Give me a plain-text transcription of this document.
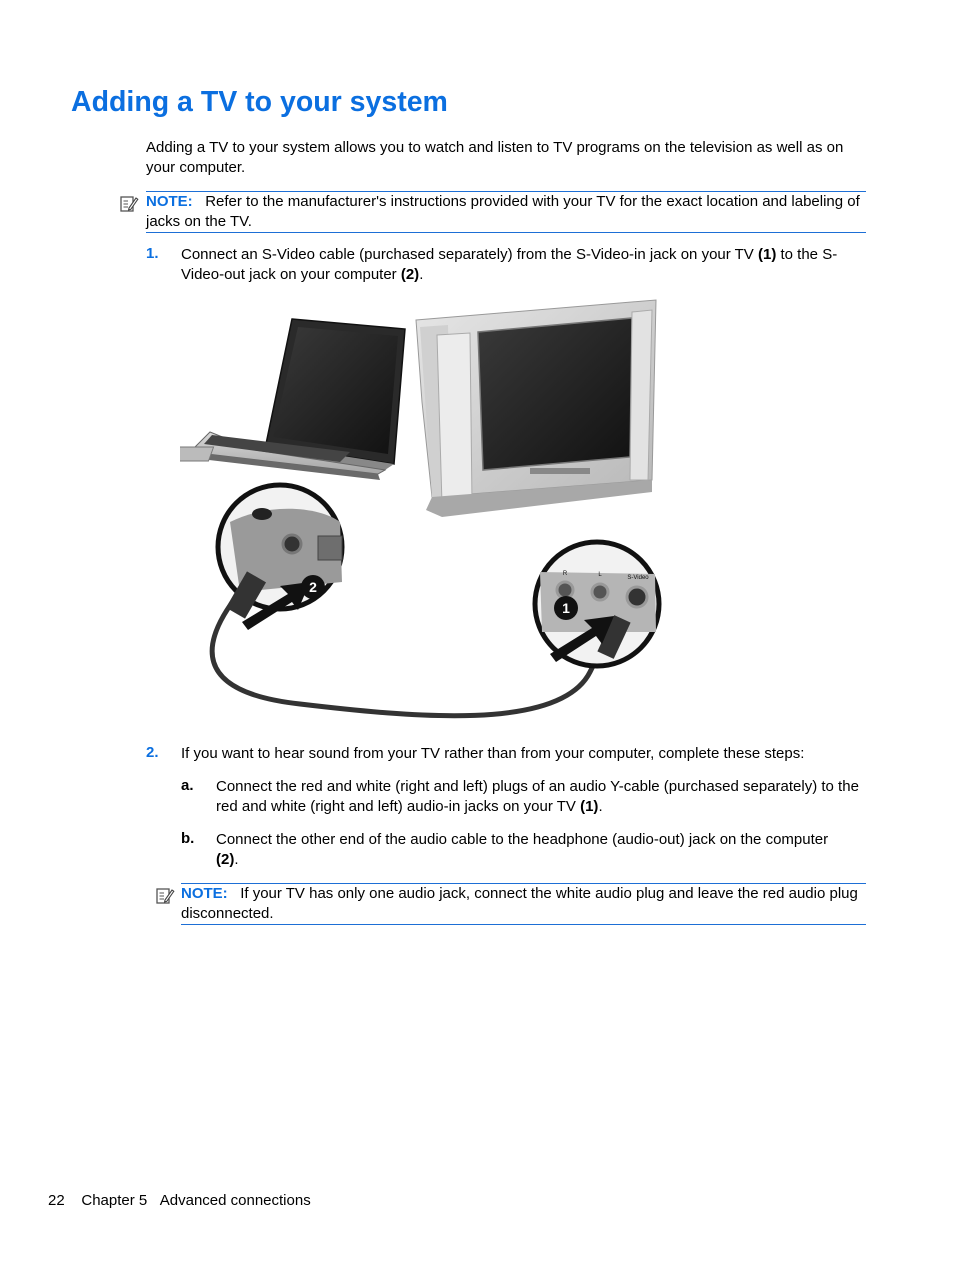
Adding a TV to your system
Adding a TV to your system allows you to watch and listen to TV programs on the television as well as on your computer.
NOTE: Refer to the manufacturer's instructions provided with your TV for the exact location and labeling of jacks on the TV.
1. Connect an S-Video cable (purchased separately) from the S-Video-in jack on your TV (1) to the S-Video-out jack on your computer (2).
2
R	L	S-Video
1
2. If you want to hear sound from your TV rather than from your computer, complete these steps:
a. Connect the red and white (right and left) plugs of an audio Y-cable (purchased separately) to the red and white (right and left) audio-in jacks on your TV (1).
b. Connect the other end of the audio cable to the headphone (audio-out) jack on the computer (2).
NOTE: If your TV has only one audio jack, connect the white audio plug and leave the red audio plug disconnected.
22 Chapter 5 Advanced connections
